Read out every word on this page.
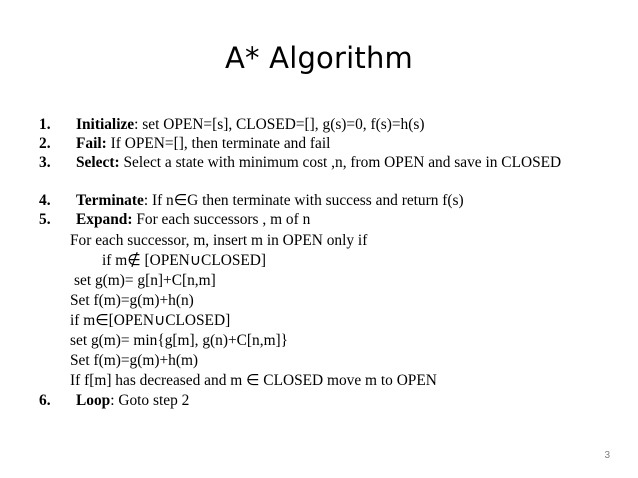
A* Algorithm
1. Initialize: set OPEN=[s], CLOSED=[], g(s)=0, f(s)=h(s)
2. Fail: If OPEN=[], then terminate and fail
3. Select: Select a state with minimum cost ,n, from OPEN and save in CLOSED
4. Terminate: If n∈G then terminate with success and return f(s)
5. Expand: For each successors , m of n
For each successor, m, insert m in OPEN only if
if m∉ [OPEN∪CLOSED]
set g(m)= g[n]+C[n,m]
Set f(m)=g(m)+h(n)
if m∈[OPEN∪CLOSED]
set g(m)= min{g[m], g(n)+C[n,m]}
Set f(m)=g(m)+h(m)
If f[m] has decreased and m ∈ CLOSED move m to OPEN
6. Loop: Goto step 2
3
